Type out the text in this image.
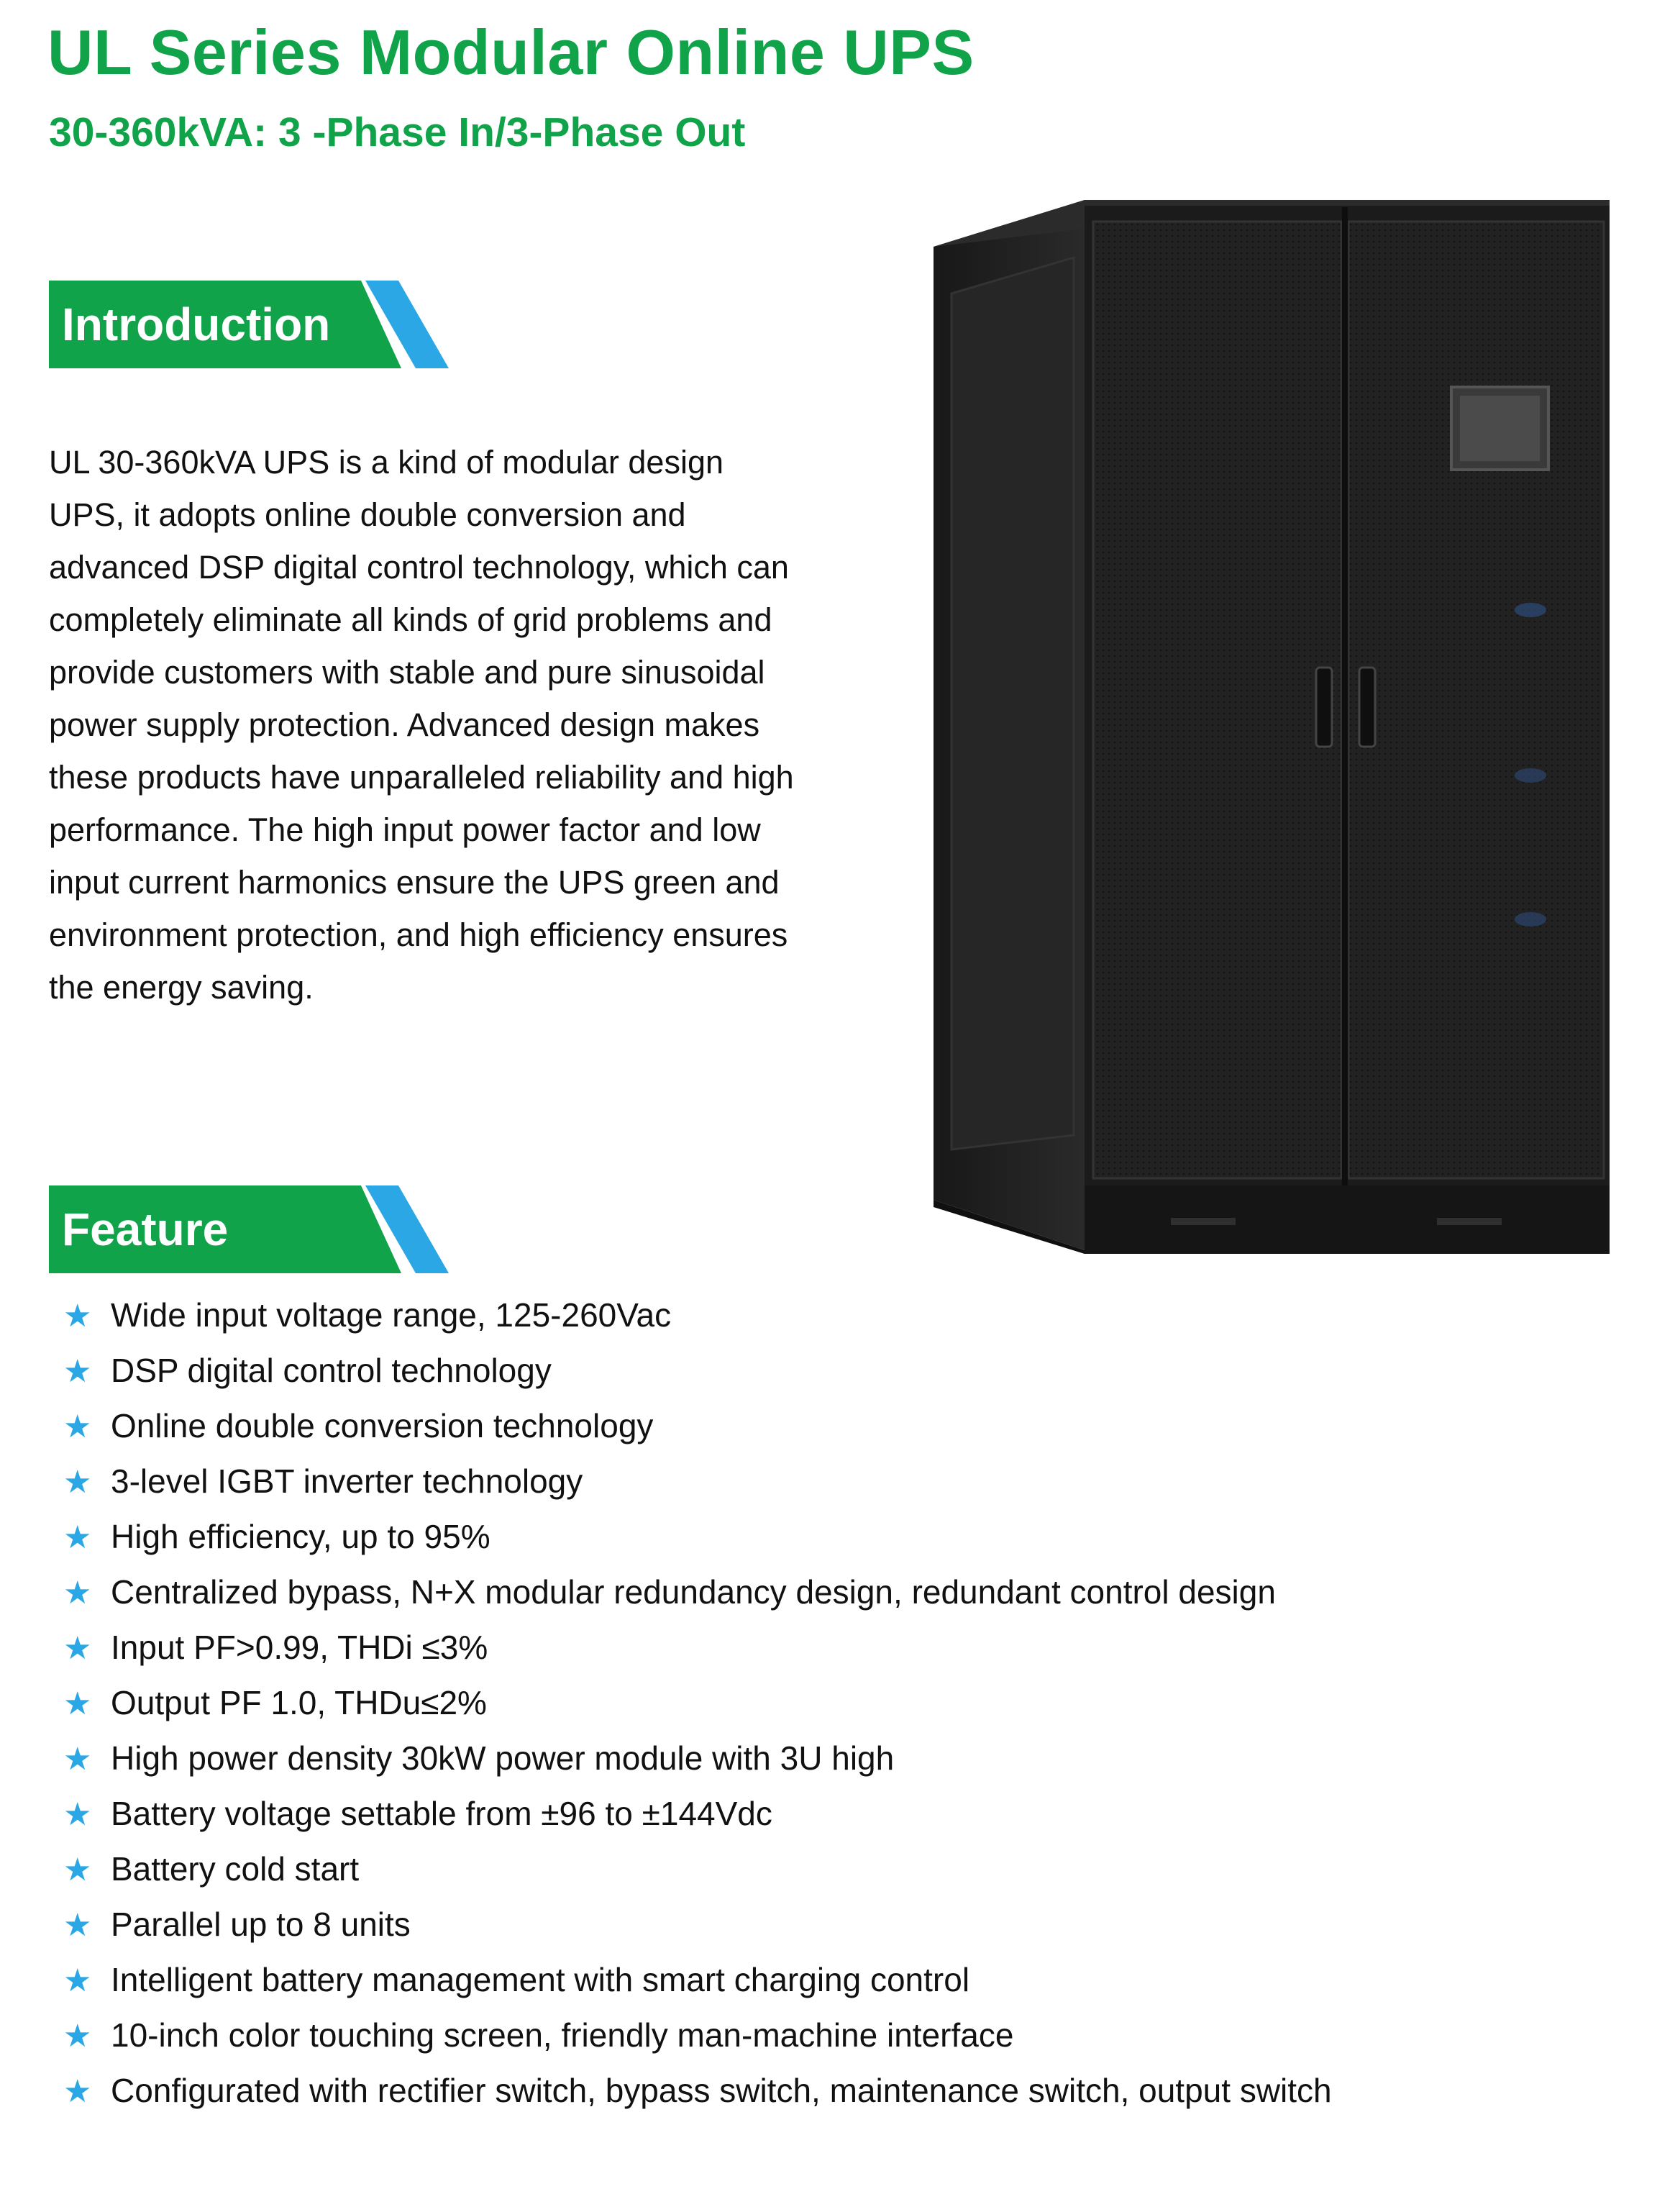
UL Series Modular Online UPS
30-360kVA: 3 -Phase In/3-Phase Out
Introduction
UL 30-360kVA UPS is a kind of modular design
UPS, it adopts online double conversion and
advanced DSP digital control technology, which can
completely eliminate all kinds of grid problems and
provide customers with stable and pure sinusoidal
power supply protection. Advanced design makes
these products have unparalleled reliability and high
performance. The high input power factor and low
input current harmonics ensure the UPS green and
environment protection, and high efficiency ensures
the energy saving.
Feature
★ Wide input voltage range, 125-260Vac
★ DSP digital control technology
★ Online double conversion technology
★ 3-level IGBT inverter technology
★ High efficiency, up to 95%
★ Centralized bypass, N+X modular redundancy design, redundant control design
★ Input PF>0.99, THDi ≤3%
★ Output PF 1.0, THDu≤2%
★ High power density 30kW power module with 3U high
★ Battery voltage settable from ±96 to ±144Vdc
★ Battery cold start
★ Parallel up to 8 units
★ Intelligent battery management with smart charging control
★ 10-inch color touching screen, friendly man-machine interface
★ Configurated with rectifier switch, bypass switch, maintenance switch, output switch
